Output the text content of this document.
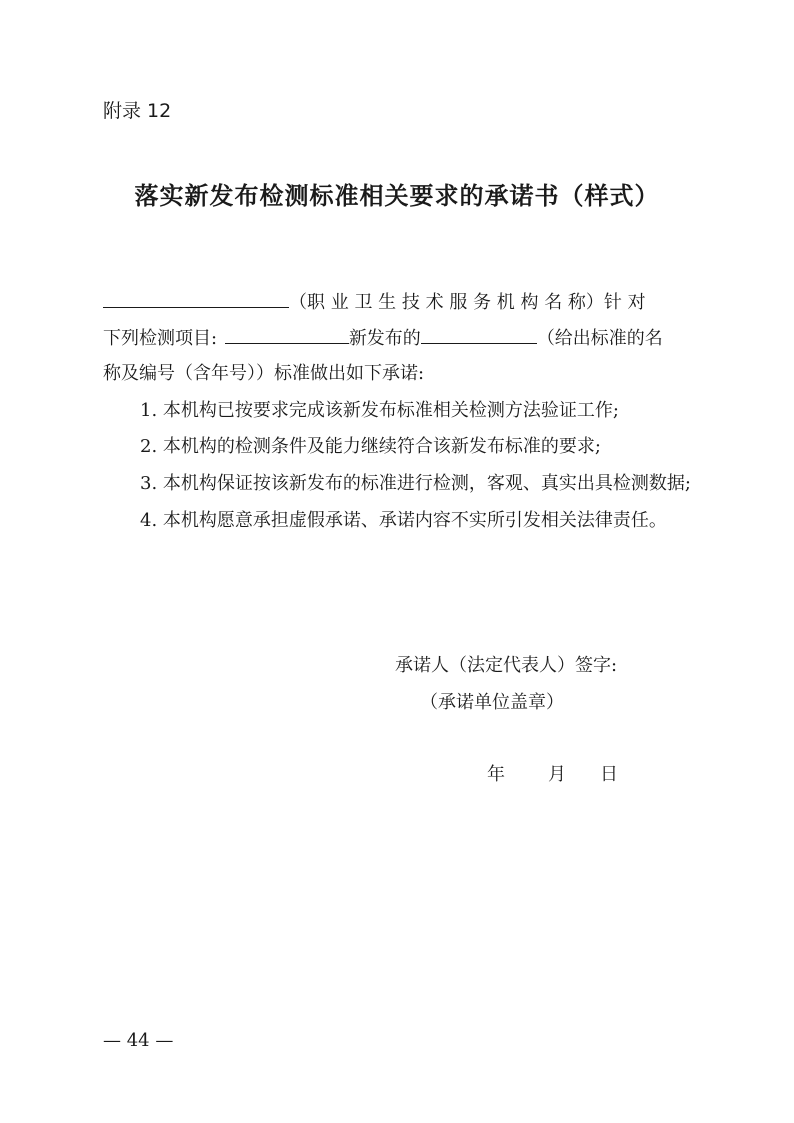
附录 12
落实新发布检测标准相关要求的承诺书（样式）
（职 业 卫 生 技 术 服 务 机 构 名 称）针 对
下列检测项目:	新发布的	（给出标准的名
称及编号（含年号））标准做出如下承诺:
1. 本机构已按要求完成该新发布标准相关检测方法验证工作;
2. 本机构的检测条件及能力继续符合该新发布标准的要求;
3. 本机构保证按该新发布的标准进行检测，客观、真实出具检测数据;
4. 本机构愿意承担虚假承诺、承诺内容不实所引发相关法律责任。
承诺人（法定代表人）签字:
（承诺单位盖章）
年 月 日
— 44 —
